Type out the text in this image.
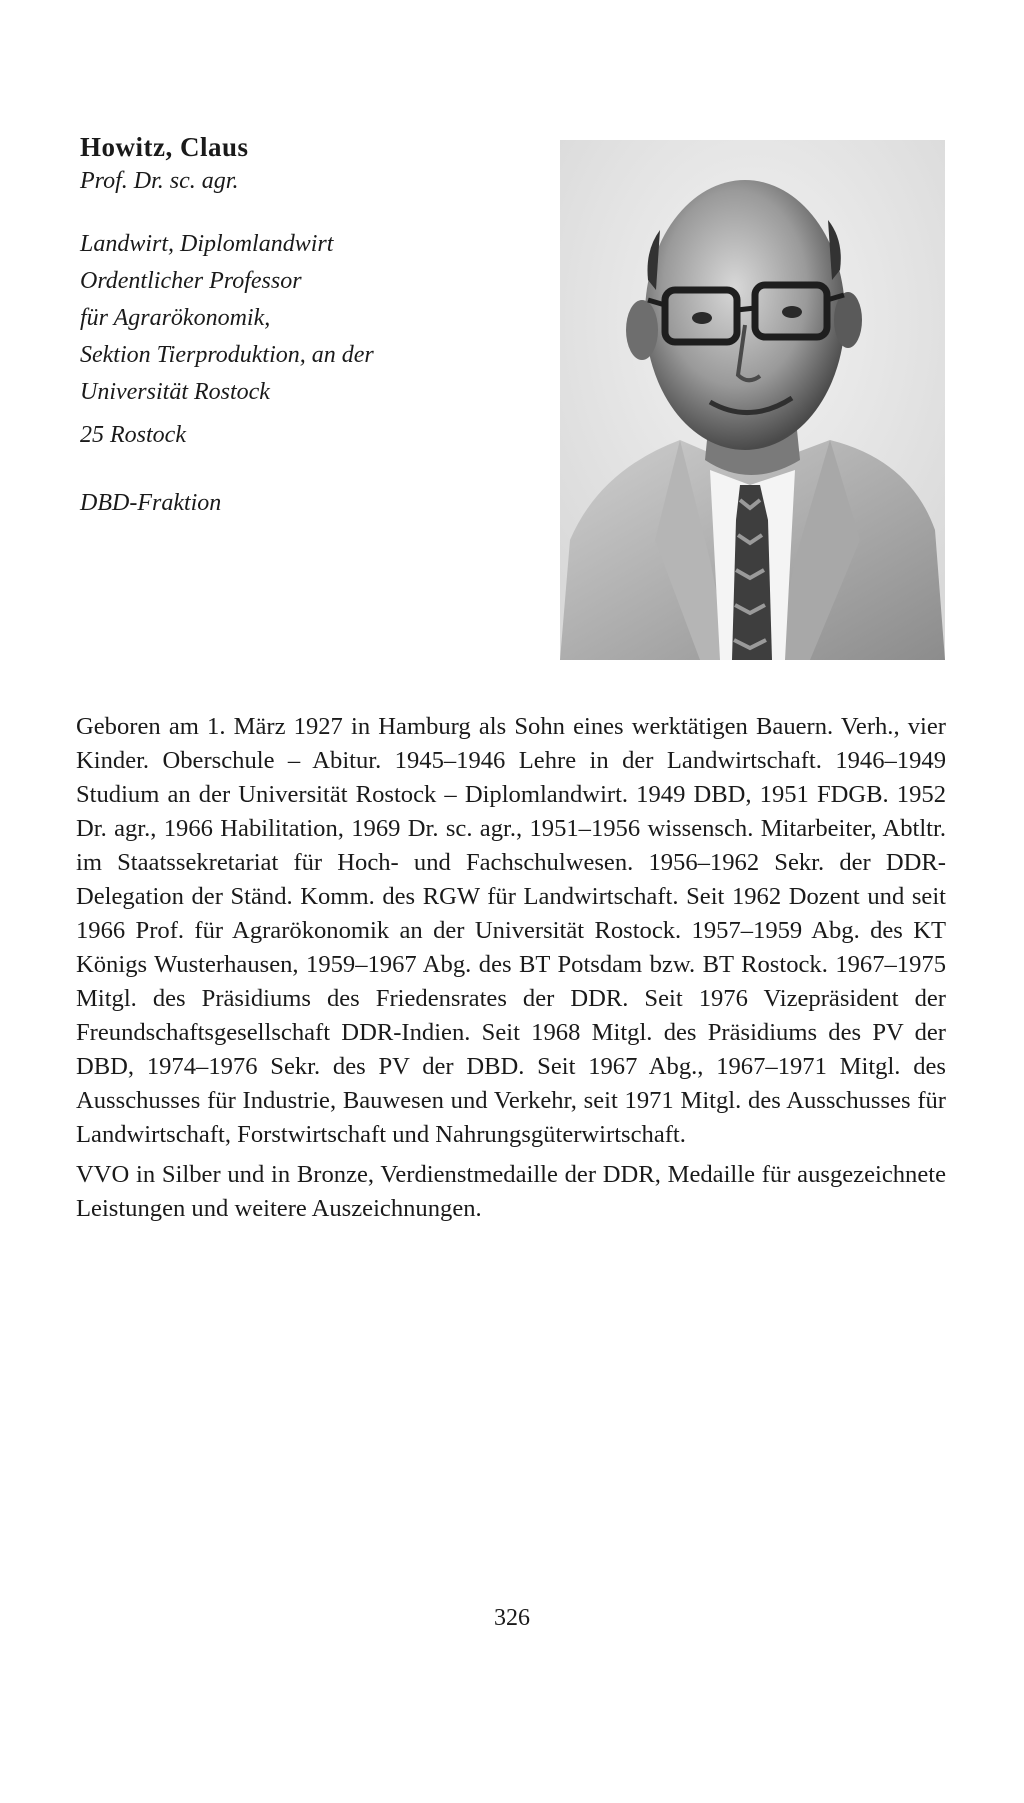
Howitz, Claus
Prof. Dr. sc. agr.
Landwirt, Diplomlandwirt
Ordentlicher Professor
für Agrarökonomik,
Sektion Tierproduktion, an der
Universität Rostock
25 Rostock
DBD-Fraktion

Geboren am 1. März 1927 in Hamburg als Sohn eines werktätigen Bauern. Verh., vier Kinder. Oberschule – Abitur. 1945–1946 Lehre in der Landwirtschaft. 1946–1949 Studium an der Universität Rostock – Diplomlandwirt. 1949 DBD, 1951 FDGB. 1952 Dr. agr., 1966 Habilitation, 1969 Dr. sc. agr., 1951–1956 wissensch. Mitarbeiter, Abtltr. im Staatssekretariat für Hoch- und Fachschulwesen. 1956–1962 Sekr. der DDR-Delegation der Ständ. Komm. des RGW für Landwirtschaft. Seit 1962 Dozent und seit 1966 Prof. für Agrarökonomik an der Universität Rostock. 1957–1959 Abg. des KT Königs Wusterhausen, 1959–1967 Abg. des BT Potsdam bzw. BT Rostock. 1967–1975 Mitgl. des Präsidiums des Friedensrates der DDR. Seit 1976 Vizepräsident der Freundschaftsgesellschaft DDR-Indien. Seit 1968 Mitgl. des Präsidiums des PV der DBD, 1974–1976 Sekr. des PV der DBD. Seit 1967 Abg., 1967–1971 Mitgl. des Ausschusses für Industrie, Bauwesen und Verkehr, seit 1971 Mitgl. des Ausschusses für Landwirtschaft, Forstwirtschaft und Nahrungsgüterwirtschaft.

VVO in Silber und in Bronze, Verdienstmedaille der DDR, Medaille für ausgezeichnete Leistungen und weitere Auszeichnungen.

326
